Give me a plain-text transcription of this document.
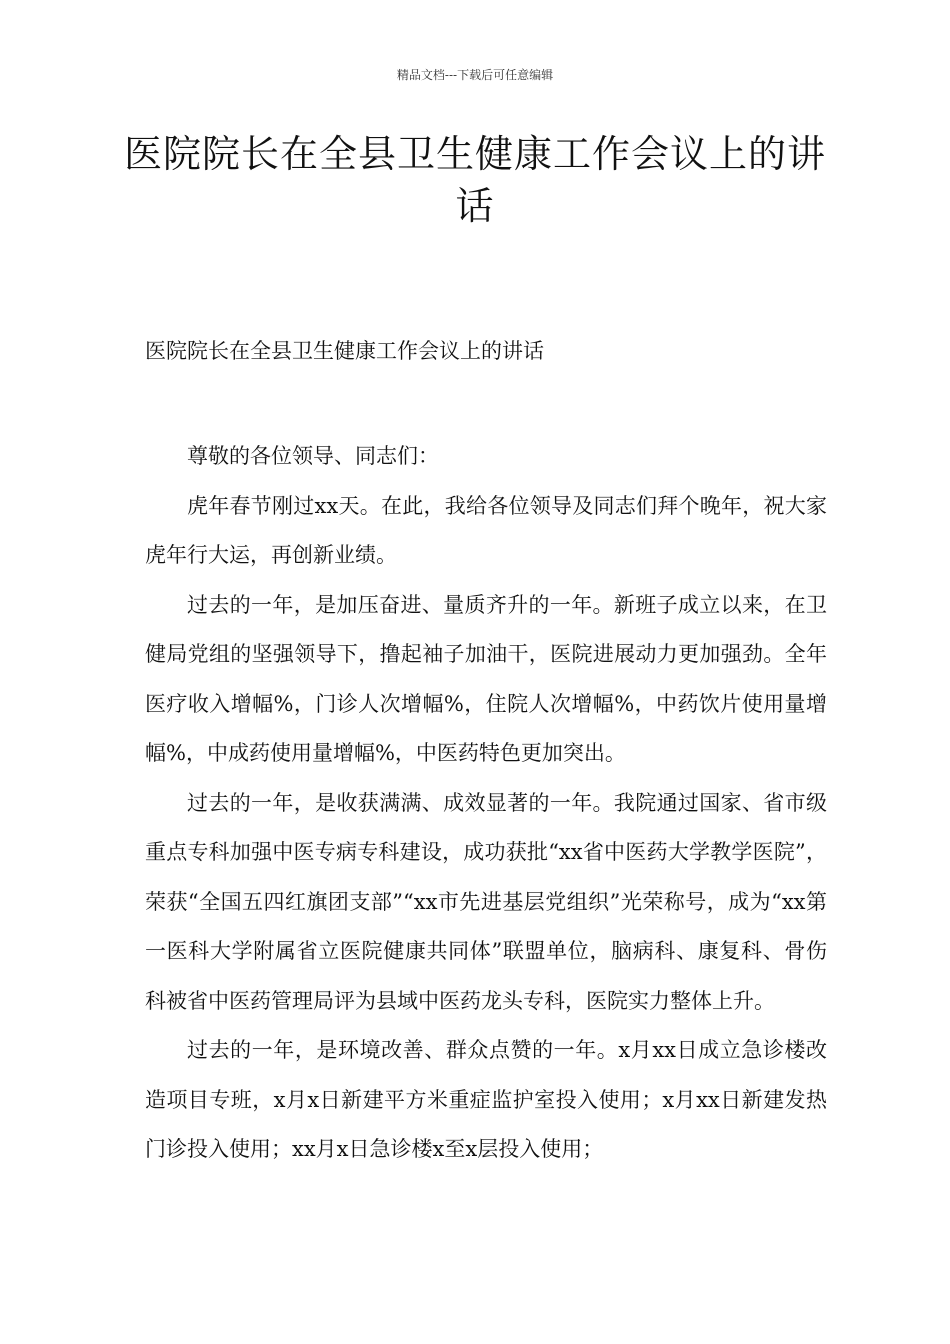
精品文档---下载后可任意编辑
医院院长在全县卫生健康工作会议上的讲话
医院院长在全县卫生健康工作会议上的讲话

尊敬的各位领导、同志们：

虎年春节刚过xx天。在此，我给各位领导及同志们拜个晚年，祝大家虎年行大运，再创新业绩。

过去的一年，是加压奋进、量质齐升的一年。新班子成立以来，在卫健局党组的坚强领导下，撸起袖子加油干，医院进展动力更加强劲。全年医疗收入增幅%，门诊人次增幅%，住院人次增幅%，中药饮片使用量增幅%，中成药使用量增幅%，中医药特色更加突出。

过去的一年，是收获满满、成效显著的一年。我院通过国家、省市级重点专科加强中医专病专科建设，成功获批“xx省中医药大学教学医院”，荣获“全国五四红旗团支部”“xx市先进基层党组织”光荣称号，成为“xx第一医科大学附属省立医院健康共同体”联盟单位，脑病科、康复科、骨伤科被省中医药管理局评为县域中医药龙头专科，医院实力整体上升。

过去的一年，是环境改善、群众点赞的一年。x月xx日成立急诊楼改造项目专班，x月x日新建平方米重症监护室投入使用；x月xx日新建发热门诊投入使用；xx月x日急诊楼x至x层投入使用；
